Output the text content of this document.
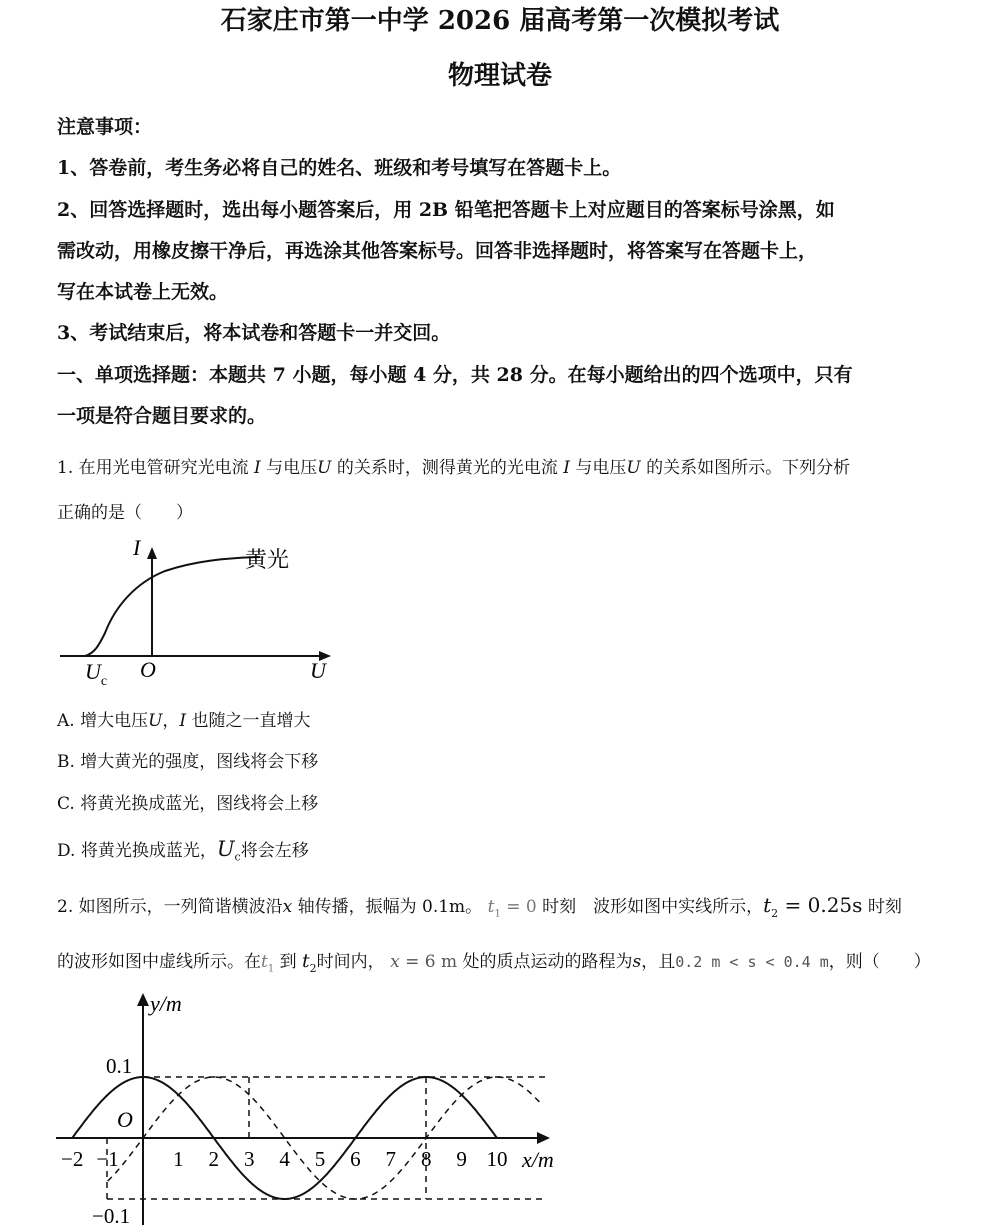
石家庄市第一中学 2026 届高考第一次模拟考试
物理试卷
注意事项：
1、答卷前，考生务必将自己的姓名、班级和考号填写在答题卡上。
2、回答选择题时，选出每小题答案后，用 2B 铅笔把答题卡上对应题目的答案标号涂黑，如
需改动，用橡皮擦干净后，再选涂其他答案标号。回答非选择题时，将答案写在答题卡上，
写在本试卷上无效。
3、考试结束后，将本试卷和答题卡一并交回。
一、单项选择题：本题共 7 小题，每小题 4 分，共 28 分。在每小题给出的四个选项中，只有
一项是符合题目要求的。
1. 在用光电管研究光电流 I 与电压U 的关系时，测得黄光的光电流 I 与电压U 的关系如图所示。下列分析
正确的是（　　）
I
U
O
$U_c$
黄光
A. 增大电压U，I 也随之一直增大
B. 增大黄光的强度，图线将会下移
C. 将黄光换成蓝光，图线将会上移
D. 将黄光换成蓝光，$U_c$将会左移
2. 如图所示，一列简谐横波沿x 轴传播，振幅为 0.1m。 $t_1 = 0$ 时刻　波形如图中实线所示，$t_2 = 0.25s$ 时刻
的波形如图中虚线所示。在$t_1$ 到 $t_2$时间内， x = 6 m 处的质点运动的路程为s，且0.2 m < s < 0.4 m，则（　　）
y/m
x/m
O
0.1
−0.1
−2 −1	1 2 3 4 5 6 7 8 9 10
